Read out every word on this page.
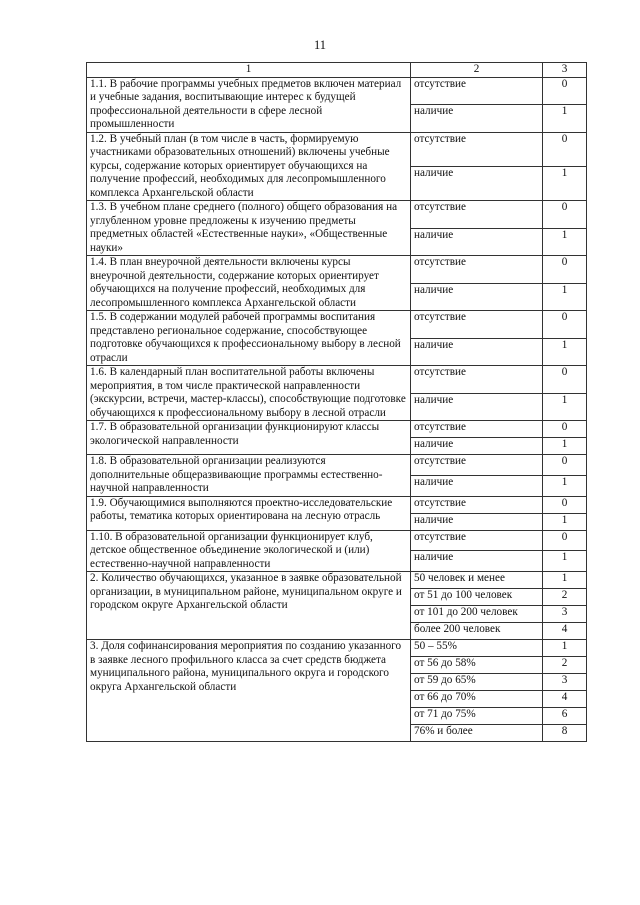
11
1	2	3
1.1. В рабочие программы учебных предметов включен материал и учебные задания, воспитывающие интерес к будущей профессиональной деятельности в сфере лесной промышленности	отсутствие	0
	наличие	1
1.2. В учебный план (в том числе в часть, формируемую участниками образовательных отношений) включены учебные курсы, содержание которых ориентирует обучающихся на получение профессий, необходимых для лесопромышленного комплекса Архангельской области	отсутствие	0
	наличие	1
1.3. В учебном плане среднего (полного) общего образования на углубленном уровне предложены к изучению предметы предметных областей «Естественные науки», «Общественные науки»	отсутствие	0
	наличие	1
1.4. В план внеурочной деятельности включены курсы внеурочной деятельности, содержание которых ориентирует обучающихся на получение профессий, необходимых для лесопромышленного комплекса Архангельской области	отсутствие	0
	наличие	1
1.5. В содержании модулей рабочей программы воспитания представлено региональное содержание, способствующее подготовке обучающихся к профессиональному выбору в лесной отрасли	отсутствие	0
	наличие	1
1.6. В календарный план воспитательной работы включены мероприятия, в том числе практической направленности (экскурсии, встречи, мастер-классы), способствующие подготовке обучающихся к профессиональному выбору в лесной отрасли	отсутствие	0
	наличие	1
1.7. В образовательной организации функционируют классы экологической направленности	отсутствие	0
	наличие	1
1.8. В образовательной организации реализуются дополнительные общеразвивающие программы естественно-научной направленности	отсутствие	0
	наличие	1
1.9. Обучающимися выполняются проектно-исследовательские работы, тематика которых ориентирована на лесную отрасль	отсутствие	0
	наличие	1
1.10. В образовательной организации функционирует клуб, детское общественное объединение экологической и (или) естественно-научной направленности	отсутствие	0
	наличие	1
2. Количество обучающихся, указанное в заявке образовательной организации, в муниципальном районе, муниципальном округе и городском округе Архангельской области	50 человек и менее	1
	от 51 до 100 человек	2
	от 101 до 200 человек	3
	более 200 человек	4
3. Доля софинансирования мероприятия по созданию указанного в заявке лесного профильного класса за счет средств бюджета муниципального района, муниципального округа и городского округа Архангельской области	50 – 55%	1
	от 56 до 58%	2
	от 59 до 65%	3
	от 66 до 70%	4
	от 71 до 75%	6
	76% и более	8
